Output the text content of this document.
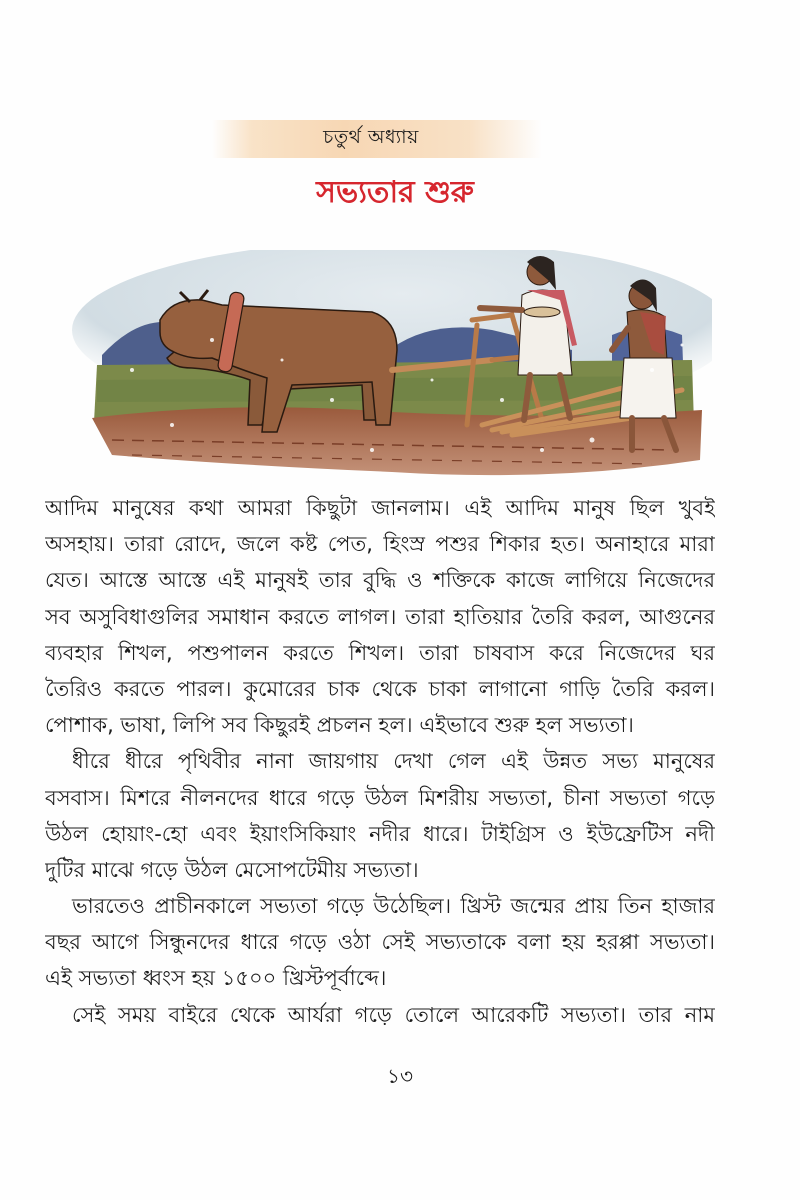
চতুর্থ অধ্যায়
সভ্যতার শুরু
আদিম মানুষের কথা আমরা কিছুটা জানলাম। এই আদিম মানুষ ছিল খুবই
অসহায়। তারা রোদে, জলে কষ্ট পেত, হিংস্র পশুর শিকার হত। অনাহারে মারা
যেত। আস্তে আস্তে এই মানুষই তার বুদ্ধি ও শক্তিকে কাজে লাগিয়ে নিজেদের
সব অসুবিধাগুলির সমাধান করতে লাগল। তারা হাতিয়ার তৈরি করল, আগুনের
ব্যবহার শিখল, পশুপালন করতে শিখল। তারা চাষবাস করে নিজেদের ঘর
তৈরিও করতে পারল। কুমোরের চাক থেকে চাকা লাগানো গাড়ি তৈরি করল।
পোশাক, ভাষা, লিপি সব কিছুরই প্রচলন হল। এইভাবে শুরু হল সভ্যতা।
ধীরে ধীরে পৃথিবীর নানা জায়গায় দেখা গেল এই উন্নত সভ্য মানুষের
বসবাস। মিশরে নীলনদের ধারে গড়ে উঠল মিশরীয় সভ্যতা, চীনা সভ্যতা গড়ে
উঠল হোয়াং-হো এবং ইয়াংসিকিয়াং নদীর ধারে। টাইগ্রিস ও ইউফ্রেটিস নদী
দুটির মাঝে গড়ে উঠল মেসোপটেমীয় সভ্যতা।
ভারতেও প্রাচীনকালে সভ্যতা গড়ে উঠেছিল। খ্রিস্ট জন্মের প্রায় তিন হাজার
বছর আগে সিন্ধুনদের ধারে গড়ে ওঠা সেই সভ্যতাকে বলা হয় হরপ্পা সভ্যতা।
এই সভ্যতা ধ্বংস হয় ১৫০০ খ্রিস্টপূর্বাব্দে।
সেই সময় বাইরে থেকে আর্যরা গড়ে তোলে আরেকটি সভ্যতা। তার নাম
১৩
